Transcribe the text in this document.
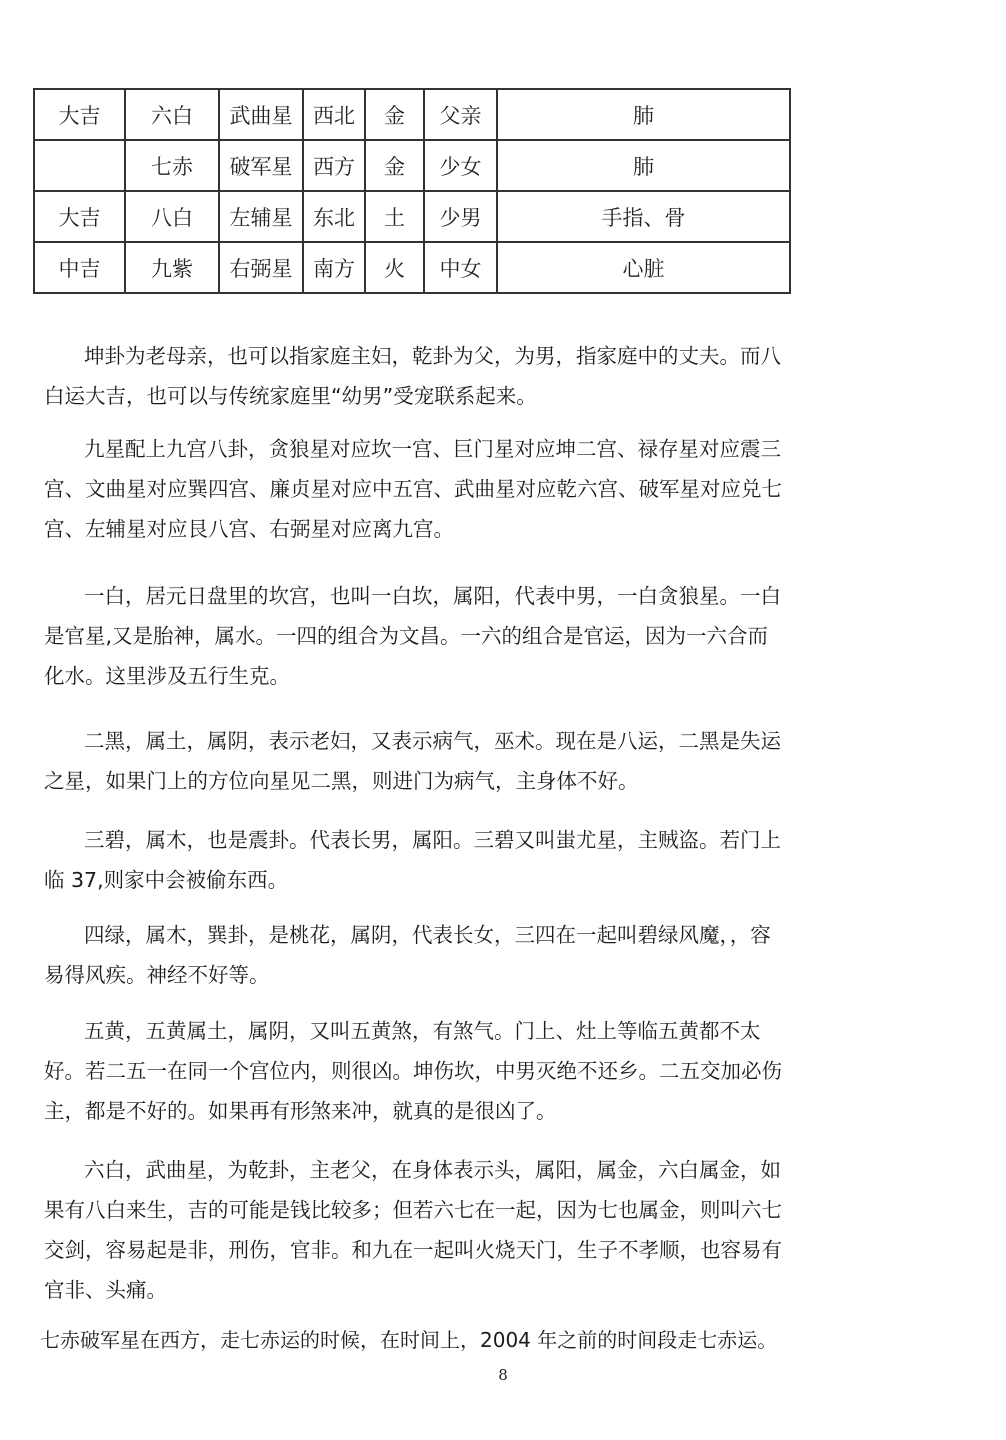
大吉	六白	武曲星	西北	金	父亲	肺
	七赤	破军星	西方	金	少女	肺
大吉	八白	左辅星	东北	土	少男	手指、骨
中吉	九紫	右弼星	南方	火	中女	心脏

坤卦为老母亲，也可以指家庭主妇，乾卦为父，为男，指家庭中的丈夫。而八白运大吉，也可以与传统家庭里“幼男”受宠联系起来。

九星配上九宫八卦，贪狼星对应坎一宫、巨门星对应坤二宫、禄存星对应震三宫、文曲星对应巽四宫、廉贞星对应中五宫、武曲星对应乾六宫、破军星对应兑七宫、左辅星对应艮八宫、右弼星对应离九宫。

一白，居元日盘里的坎宫，也叫一白坎，属阳，代表中男，一白贪狼星。一白是官星,又是胎神，属水。一四的组合为文昌。一六的组合是官运，因为一六合而化水。这里涉及五行生克。

二黑，属土，属阴，表示老妇，又表示病气，巫术。现在是八运，二黑是失运之星，如果门上的方位向星见二黑，则进门为病气，主身体不好。

三碧，属木，也是震卦。代表长男，属阳。三碧又叫蚩尤星，主贼盗。若门上临 37,则家中会被偷东西。

四绿，属木，巽卦，是桃花，属阴，代表长女，三四在一起叫碧绿风魔，，容易得风疾。神经不好等。

五黄，五黄属土，属阴，又叫五黄煞，有煞气。门上、灶上等临五黄都不太好。若二五一在同一个宫位内，则很凶。坤伤坎，中男灭绝不还乡。二五交加必伤主，都是不好的。如果再有形煞来冲，就真的是很凶了。

六白，武曲星，为乾卦，主老父，在身体表示头，属阳，属金，六白属金，如果有八白来生，吉的可能是钱比较多；但若六七在一起，因为七也属金，则叫六七交剑，容易起是非，刑伤，官非。和九在一起叫火烧天门，生子不孝顺，也容易有官非、头痛。

七赤破军星在西方，走七赤运的时候，在时间上，2004 年之前的时间段走七赤运。

8
